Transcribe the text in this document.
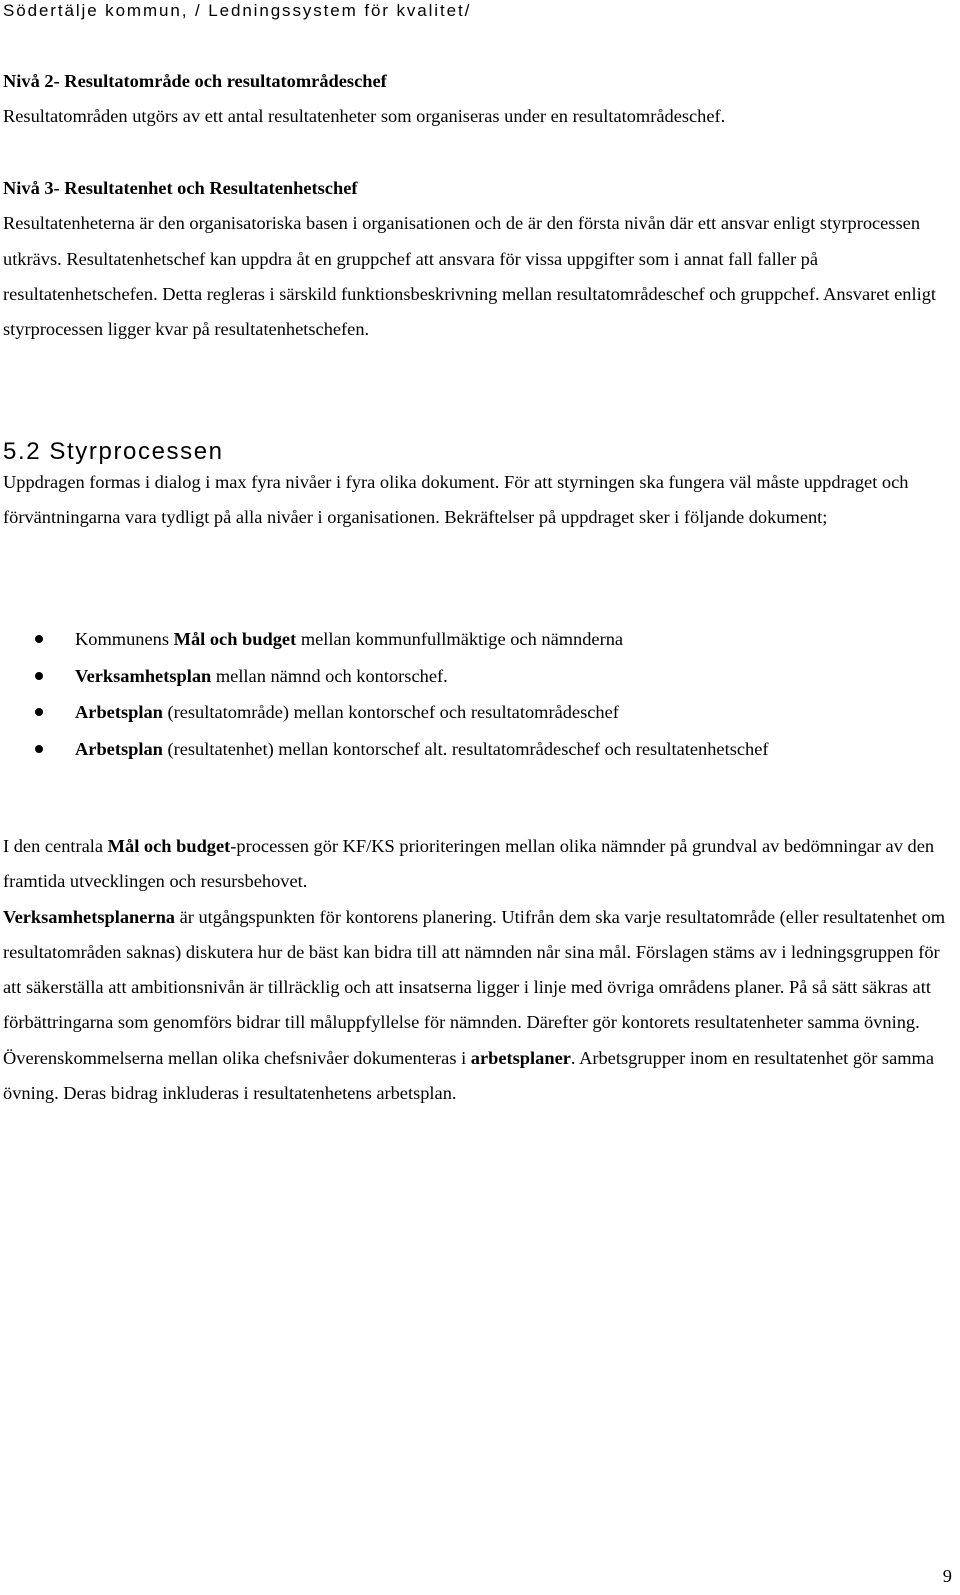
Södertälje kommun, / Ledningssystem för kvalitet/

Nivå 2- Resultatområde och resultatområdeschef

Resultatområden utgörs av ett antal resultatenheter som organiseras under en resultatområdeschef.

Nivå 3- Resultatenhet och Resultatenhetschef

Resultatenheterna är den organisatoriska basen i organisationen och de är den första nivån där ett ansvar enligt styrprocessen utkrävs. Resultatenhetschef kan uppdra åt en gruppchef att ansvara för vissa uppgifter som i annat fall faller på resultatenhetschefen. Detta regleras i särskild funktionsbeskrivning mellan resultatområdeschef och gruppchef. Ansvaret enligt styrprocessen ligger kvar på resultatenhetschefen.

5.2 Styrprocessen

Uppdragen formas i dialog i max fyra nivåer i fyra olika dokument. För att styrningen ska fungera väl måste uppdraget och förväntningarna vara tydligt på alla nivåer i organisationen. Bekräftelser på uppdraget sker i följande dokument;

Kommunens Mål och budget mellan kommunfullmäktige och nämnderna
Verksamhetsplan mellan nämnd och kontorschef.
Arbetsplan (resultatområde) mellan kontorschef och resultatområdeschef
Arbetsplan (resultatenhet) mellan kontorschef alt. resultatområdeschef och resultatenhetschef

I den centrala Mål och budget-processen gör KF/KS prioriteringen mellan olika nämnder på grundval av bedömningar av den framtida utvecklingen och resursbehovet.

Verksamhetsplanerna är utgångspunkten för kontorens planering. Utifrån dem ska varje resultatområde (eller resultatenhet om resultatområden saknas) diskutera hur de bäst kan bidra till att nämnden når sina mål. Förslagen stäms av i ledningsgruppen för att säkerställa att ambitionsnivån är tillräcklig och att insatserna ligger i linje med övriga områdens planer. På så sätt säkras att förbättringarna som genomförs bidrar till måluppfyllelse för nämnden. Därefter gör kontorets resultatenheter samma övning. Överenskommelserna mellan olika chefsnivåer dokumenteras i arbetsplaner. Arbetsgrupper inom en resultatenhet gör samma övning. Deras bidrag inkluderas i resultatenhetens arbetsplan.

9
